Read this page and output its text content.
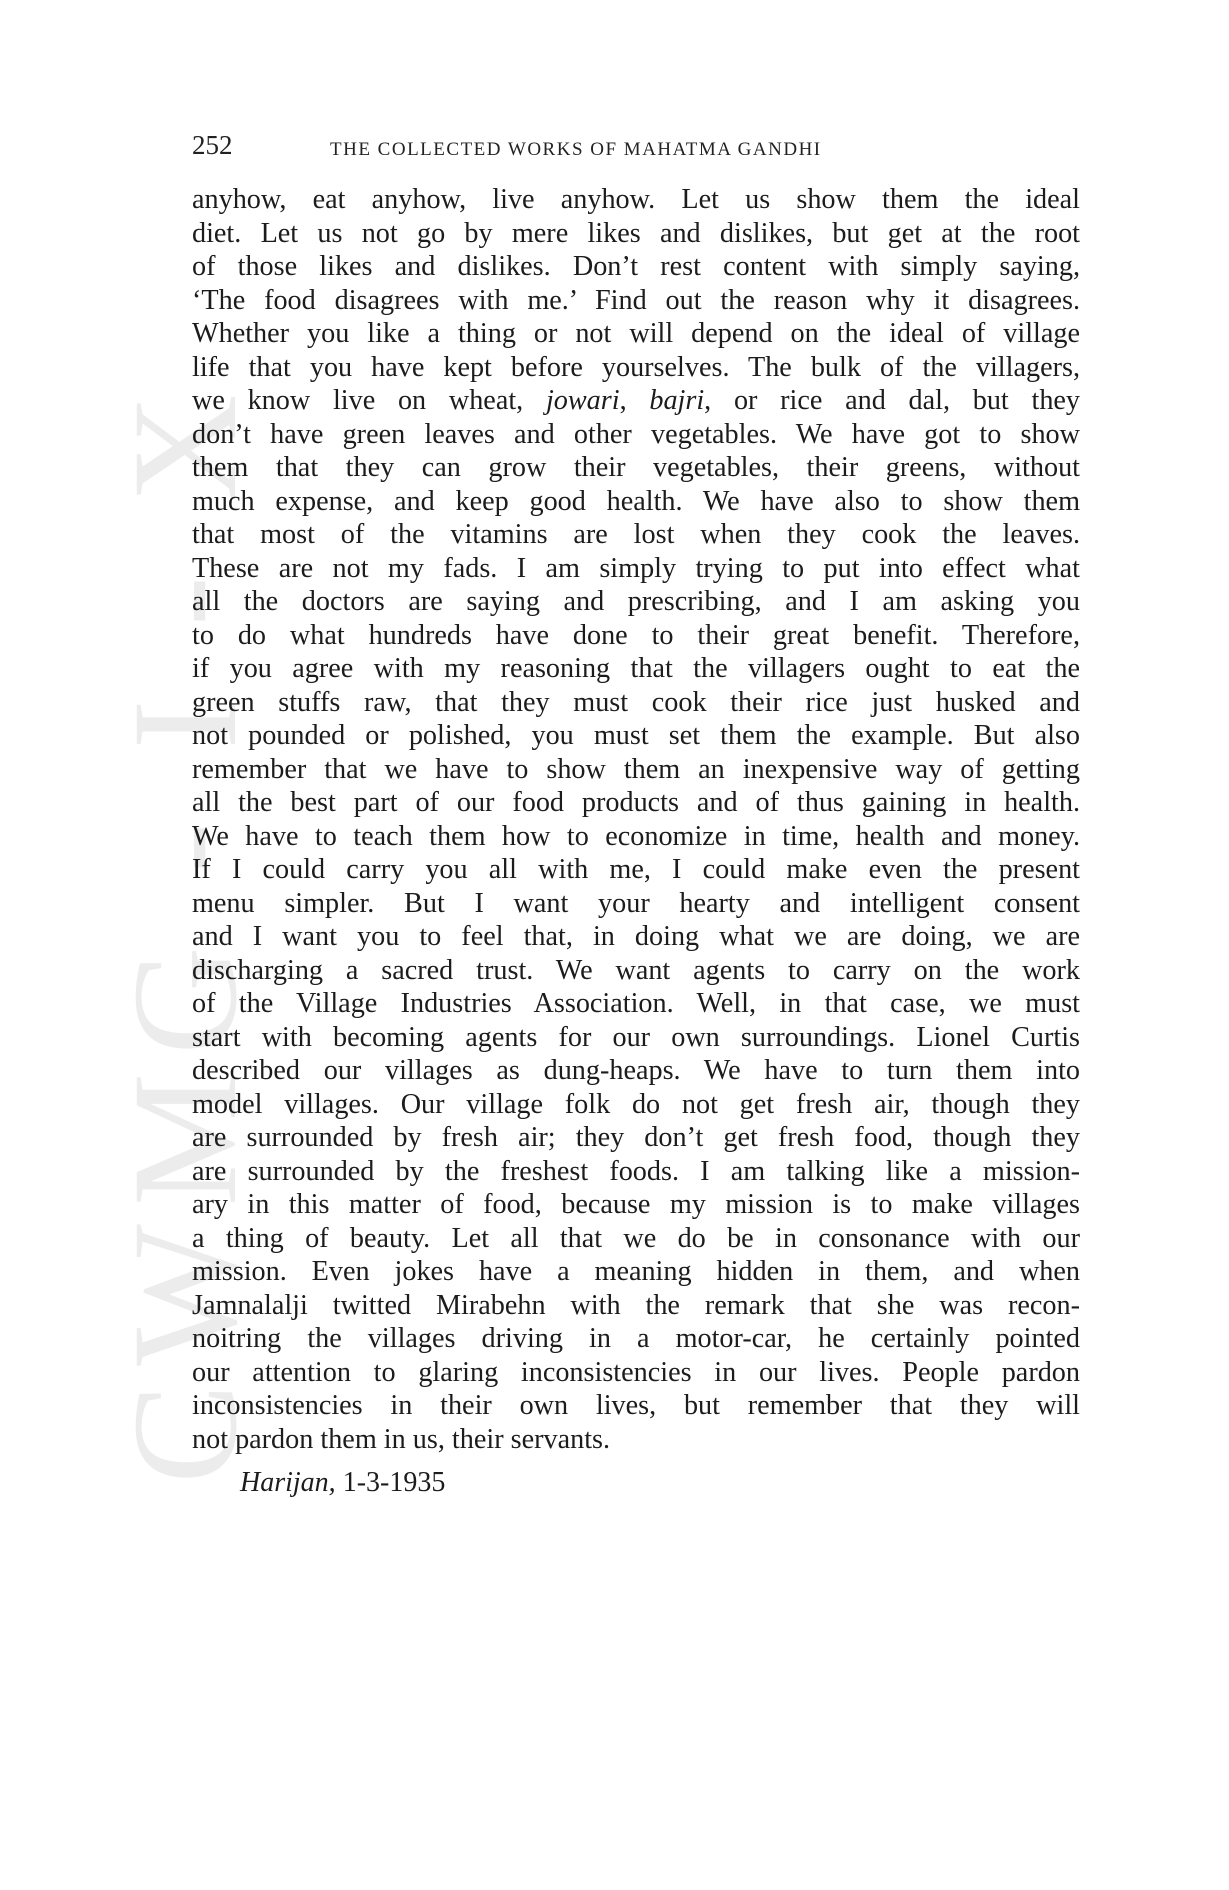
CWMG - I - X
252	THE COLLECTED WORKS OF MAHATMA GANDHI
anyhow, eat anyhow, live anyhow. Let us show them the ideal
diet. Let us not go by mere likes and dislikes, but get at the root
of those likes and dislikes. Don’t rest content with simply saying,
‘The food disagrees with me.’ Find out the reason why it disagrees.
Whether you like a thing or not will depend on the ideal of village
life that you have kept before yourselves. The bulk of the villagers,
we know live on wheat, jowari, bajri, or rice and dal, but they
don’t have green leaves and other vegetables. We have got to show
them that they can grow their vegetables, their greens, without
much expense, and keep good health. We have also to show them
that most of the vitamins are lost when they cook the leaves.
These are not my fads. I am simply trying to put into effect what
all the doctors are saying and prescribing, and I am asking you
to do what hundreds have done to their great benefit. Therefore,
if you agree with my reasoning that the villagers ought to eat the
green stuffs raw, that they must cook their rice just husked and
not pounded or polished, you must set them the example. But also
remember that we have to show them an inexpensive way of getting
all the best part of our food products and of thus gaining in health.
We have to teach them how to economize in time, health and money.
If I could carry you all with me, I could make even the present
menu simpler. But I want your hearty and intelligent consent
and I want you to feel that, in doing what we are doing, we are
discharging a sacred trust. We want agents to carry on the work
of the Village Industries Association. Well, in that case, we must
start with becoming agents for our own surroundings. Lionel Curtis
described our villages as dung-heaps. We have to turn them into
model villages. Our village folk do not get fresh air, though they
are surrounded by fresh air; they don’t get fresh food, though they
are surrounded by the freshest foods. I am talking like a mission-
ary in this matter of food, because my mission is to make villages
a thing of beauty. Let all that we do be in consonance with our
mission. Even jokes have a meaning hidden in them, and when
Jamnalalji twitted Mirabehn with the remark that she was recon-
noitring the villages driving in a motor-car, he certainly pointed
our attention to glaring inconsistencies in our lives. People pardon
inconsistencies in their own lives, but remember that they will
not pardon them in us, their servants.
Harijan, 1-3-1935
